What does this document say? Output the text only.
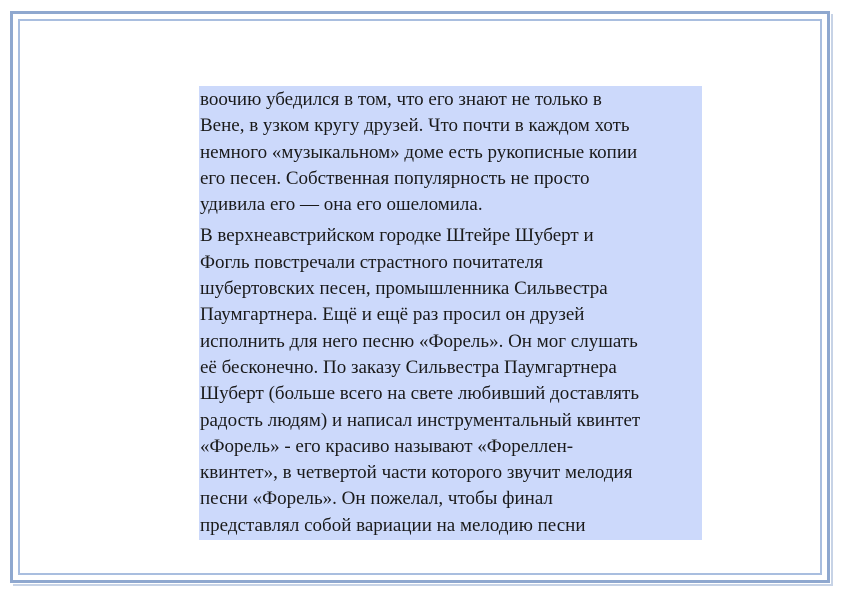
воочию убедился в том, что его знают не только в

Вене, в узком кругу друзей. Что почти в каждом хоть

немного «музыкальном» доме есть рукописные копии

его песен. Собственная популярность не просто

удивила его — она его ошеломила.

В верхнеавстрийском городке Штейре Шуберт и

Фогль повстречали страстного почитателя

шубертовских песен, промышленника Сильвестра

Паумгартнера. Ещё и ещё раз просил он друзей

исполнить для него песню «Форель». Он мог слушать

её бесконечно. По заказу Сильвестра Паумгартнера

Шуберт (больше всего на свете любивший доставлять

радость людям) и написал инструментальный квинтет

«Форель» - его красиво называют «Фореллен-

квинтет», в четвертой части которого звучит мелодия

песни «Форель». Он пожелал, чтобы финал

представлял собой вариации на мелодию песни
